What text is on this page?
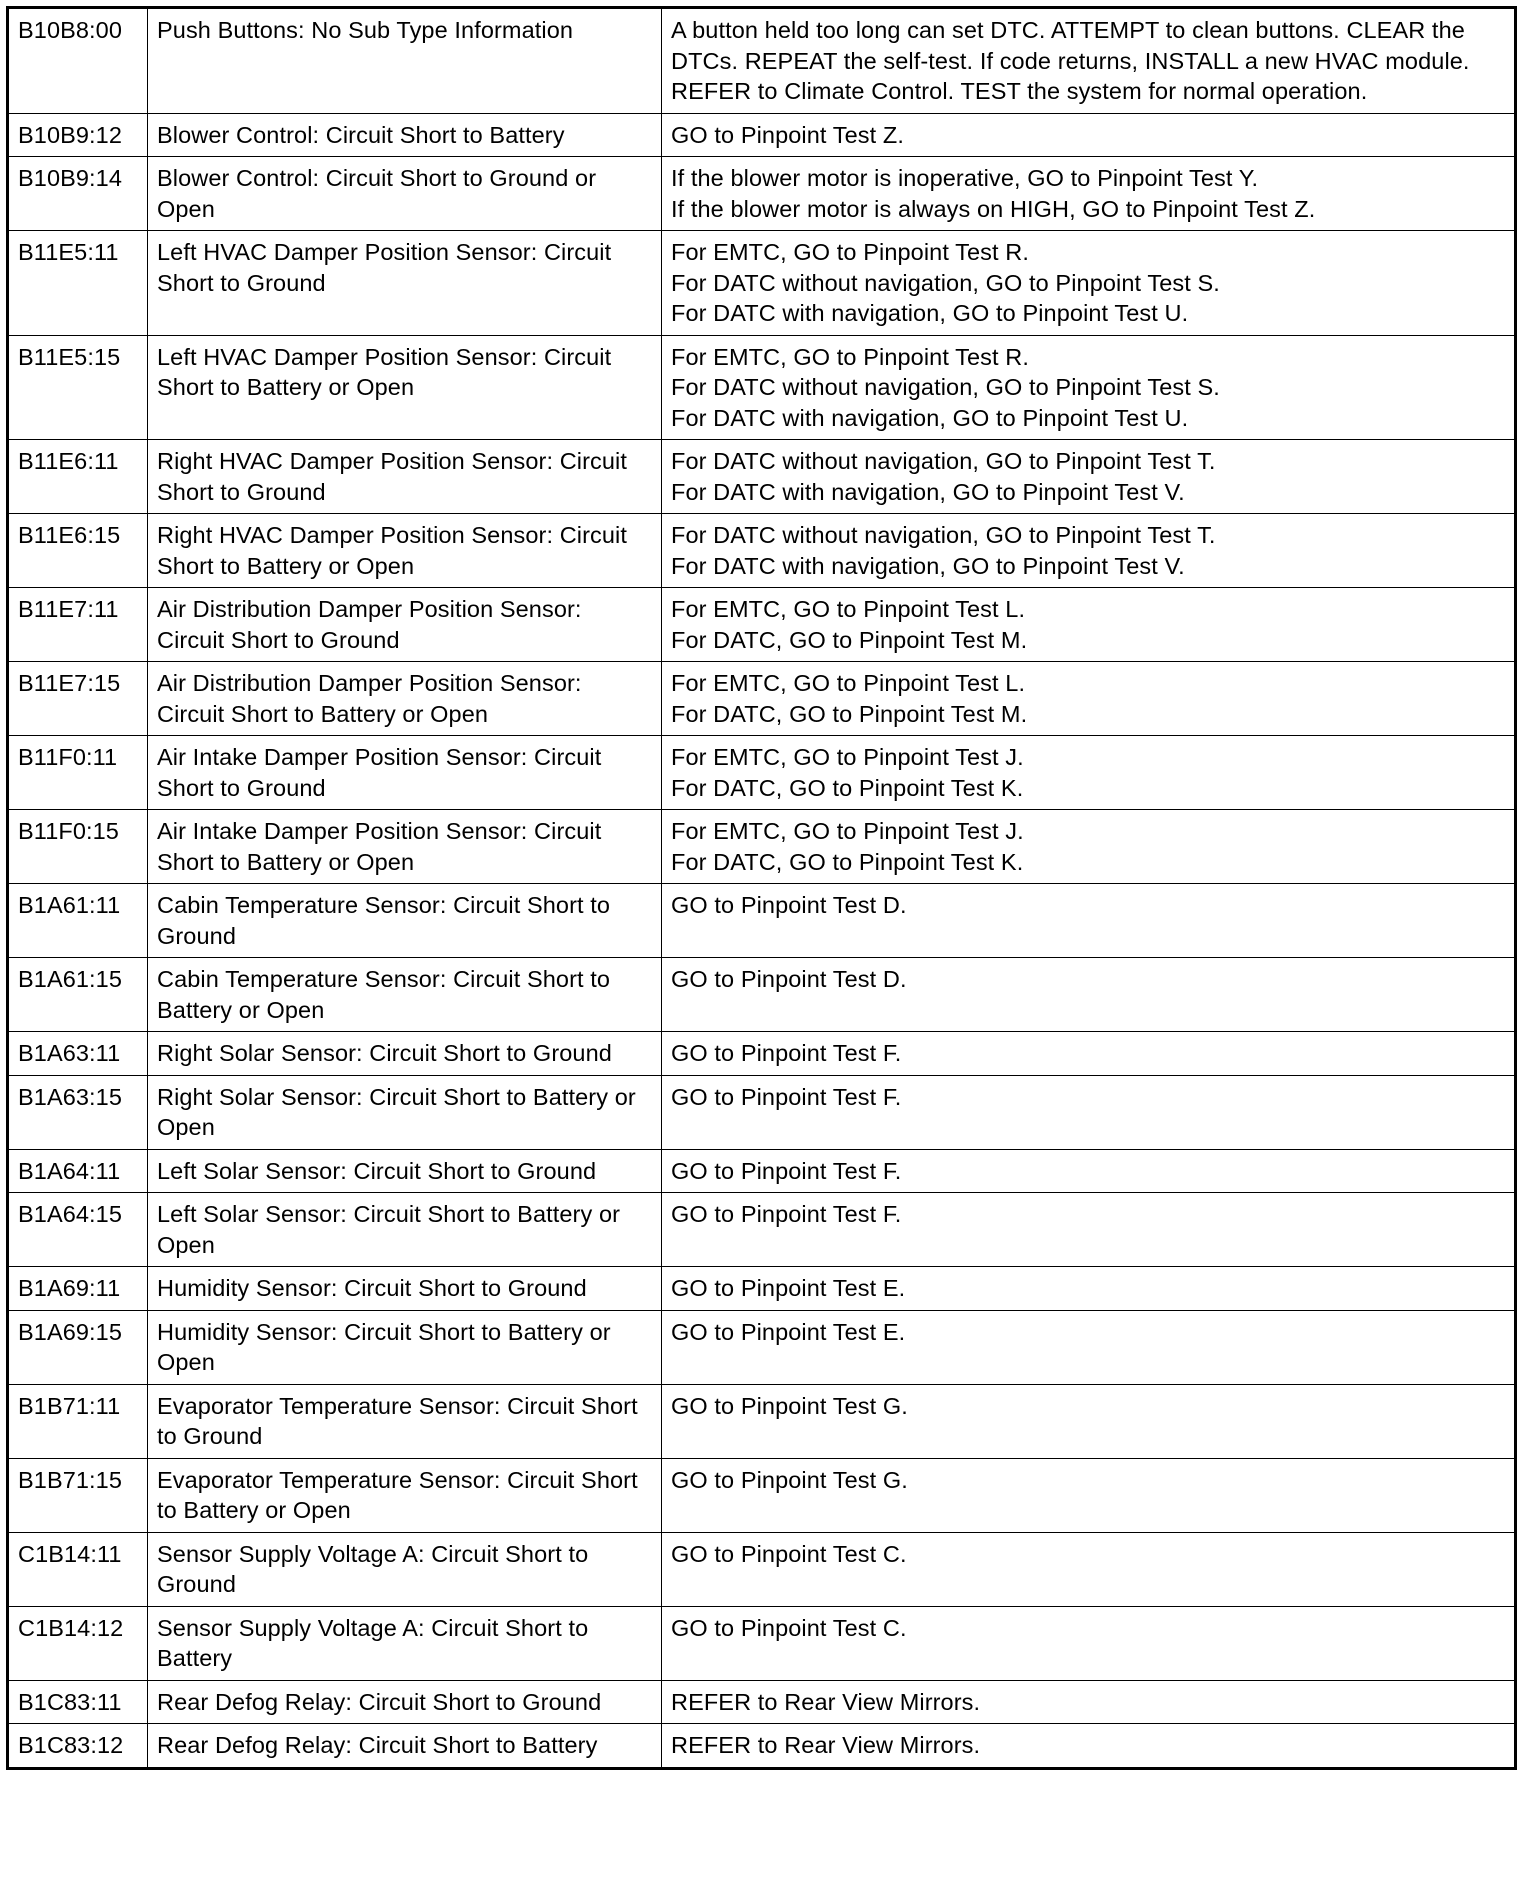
B10B8:00	Push Buttons: No Sub Type Information	A button held too long can set DTC. ATTEMPT to clean buttons. CLEAR the DTCs. REPEAT the self-test. If code returns, INSTALL a new HVAC module. REFER to Climate Control. TEST the system for normal operation.

B10B9:12	Blower Control: Circuit Short to Battery	GO to Pinpoint Test Z.

B10B9:14	Blower Control: Circuit Short to Ground or Open	If the blower motor is inoperative, GO to Pinpoint Test Y.
If the blower motor is always on HIGH, GO to Pinpoint Test Z.

B11E5:11	Left HVAC Damper Position Sensor: Circuit Short to Ground	For EMTC, GO to Pinpoint Test R.
For DATC without navigation, GO to Pinpoint Test S.
For DATC with navigation, GO to Pinpoint Test U.

B11E5:15	Left HVAC Damper Position Sensor: Circuit Short to Battery or Open	For EMTC, GO to Pinpoint Test R.
For DATC without navigation, GO to Pinpoint Test S.
For DATC with navigation, GO to Pinpoint Test U.

B11E6:11	Right HVAC Damper Position Sensor: Circuit Short to Ground	For DATC without navigation, GO to Pinpoint Test T.
For DATC with navigation, GO to Pinpoint Test V.

B11E6:15	Right HVAC Damper Position Sensor: Circuit Short to Battery or Open	For DATC without navigation, GO to Pinpoint Test T.
For DATC with navigation, GO to Pinpoint Test V.

B11E7:11	Air Distribution Damper Position Sensor: Circuit Short to Ground	For EMTC, GO to Pinpoint Test L.
For DATC, GO to Pinpoint Test M.

B11E7:15	Air Distribution Damper Position Sensor: Circuit Short to Battery or Open	For EMTC, GO to Pinpoint Test L.
For DATC, GO to Pinpoint Test M.

B11F0:11	Air Intake Damper Position Sensor: Circuit Short to Ground	For EMTC, GO to Pinpoint Test J.
For DATC, GO to Pinpoint Test K.

B11F0:15	Air Intake Damper Position Sensor: Circuit Short to Battery or Open	For EMTC, GO to Pinpoint Test J.
For DATC, GO to Pinpoint Test K.

B1A61:11	Cabin Temperature Sensor: Circuit Short to Ground	GO to Pinpoint Test D.

B1A61:15	Cabin Temperature Sensor: Circuit Short to Battery or Open	GO to Pinpoint Test D.

B1A63:11	Right Solar Sensor: Circuit Short to Ground	GO to Pinpoint Test F.

B1A63:15	Right Solar Sensor: Circuit Short to Battery or Open	GO to Pinpoint Test F.

B1A64:11	Left Solar Sensor: Circuit Short to Ground	GO to Pinpoint Test F.

B1A64:15	Left Solar Sensor: Circuit Short to Battery or Open	GO to Pinpoint Test F.

B1A69:11	Humidity Sensor: Circuit Short to Ground	GO to Pinpoint Test E.

B1A69:15	Humidity Sensor: Circuit Short to Battery or Open	GO to Pinpoint Test E.

B1B71:11	Evaporator Temperature Sensor: Circuit Short to Ground	GO to Pinpoint Test G.

B1B71:15	Evaporator Temperature Sensor: Circuit Short to Battery or Open	GO to Pinpoint Test G.

C1B14:11	Sensor Supply Voltage A: Circuit Short to Ground	GO to Pinpoint Test C.

C1B14:12	Sensor Supply Voltage A: Circuit Short to Battery	GO to Pinpoint Test C.

B1C83:11	Rear Defog Relay: Circuit Short to Ground	REFER to Rear View Mirrors.

B1C83:12	Rear Defog Relay: Circuit Short to Battery	REFER to Rear View Mirrors.
